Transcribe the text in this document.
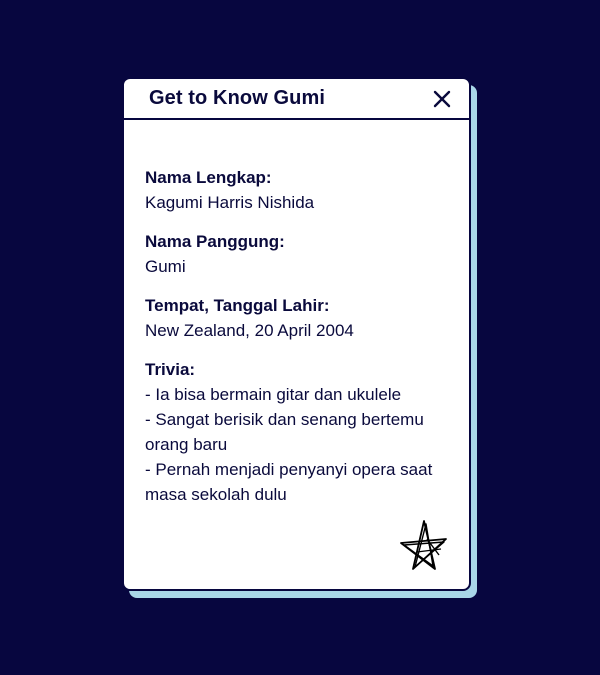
Get to Know Gumi
Nama Lengkap:
Kagumi Harris Nishida
Nama Panggung:
Gumi
Tempat, Tanggal Lahir:
New Zealand, 20 April 2004
Trivia:
- Ia bisa bermain gitar dan ukulele
- Sangat berisik dan senang bertemu orang baru
- Pernah menjadi penyanyi opera saat masa sekolah dulu
